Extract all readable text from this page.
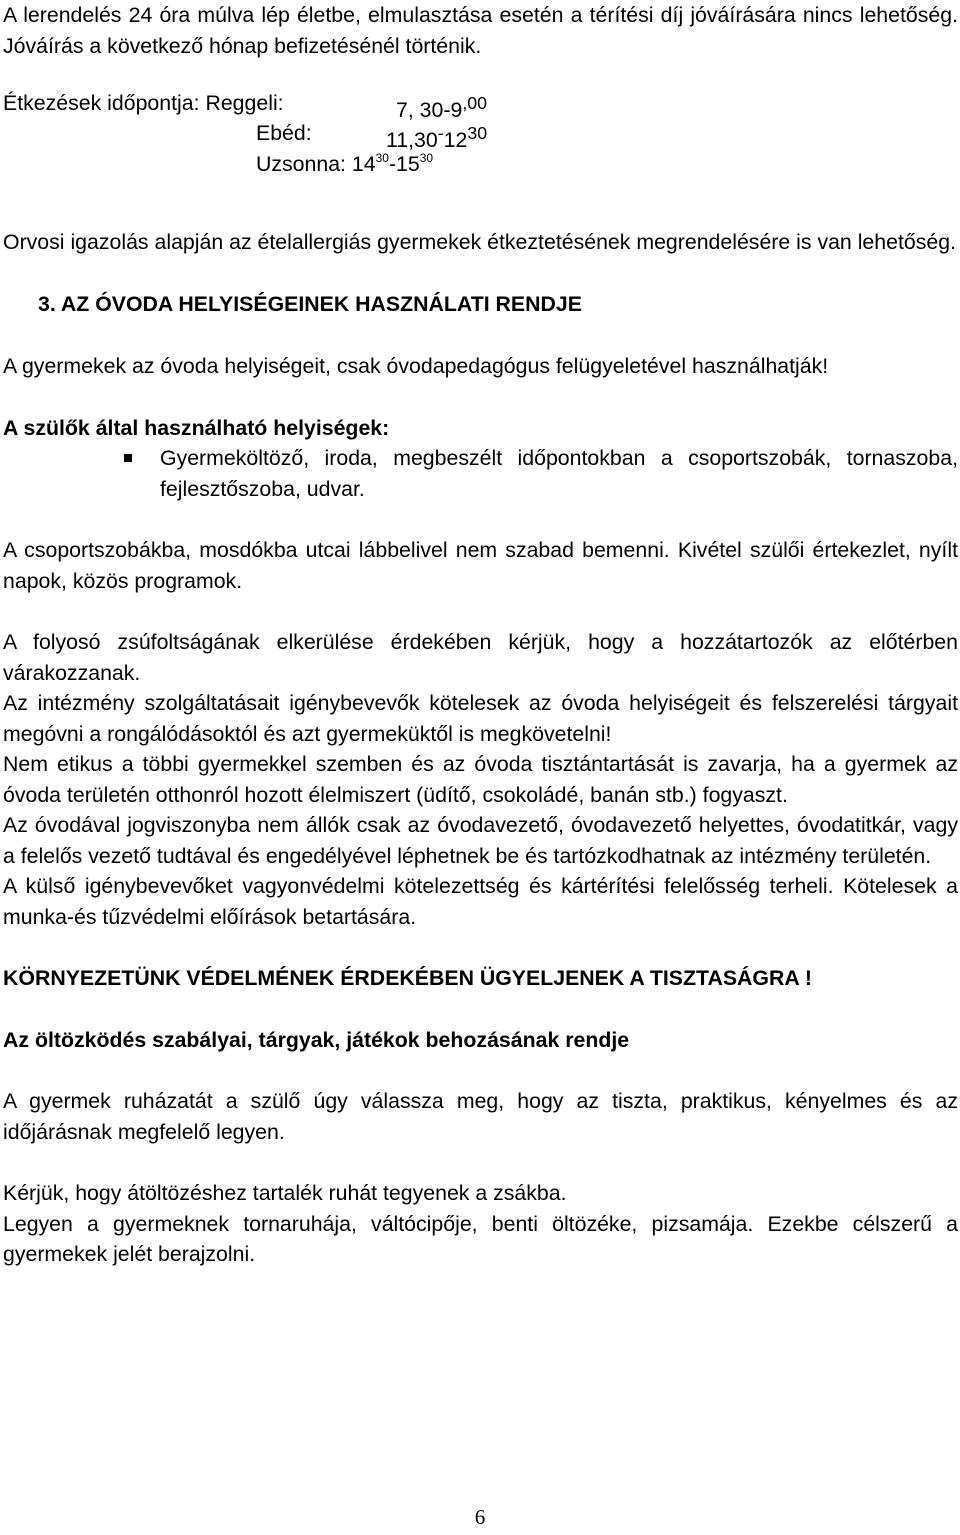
A lerendelés 24 óra múlva lép életbe, elmulasztása esetén a térítési díj jóváírására nincs lehetőség. Jóváírás a következő hónap befizetésénél történik.

Étkezések időpontja: Reggeli:	7, $30-9^{,00}$
Ebéd:	$11,30^-12^{30}$
Uzsonna: $14^{30}-15^{30}$

Orvosi igazolás alapján az ételallergiás gyermekek étkeztetésének megrendelésére is van lehetőség.

3. AZ ÓVODA HELYISÉGEINEK HASZNÁLATI RENDJE

A gyermekek az óvoda helyiségeit, csak óvodapedagógus felügyeletével használhatják!

A szülők által használható helyiségek:

Gyermeköltöző, iroda, megbeszélt időpontokban a csoportszobák, tornaszoba, fejlesztőszoba, udvar.

A csoportszobákba, mosdókba utcai lábbelivel nem szabad bemenni. Kivétel szülői értekezlet, nyílt napok, közös programok.

A folyosó zsúfoltságának elkerülése érdekében kérjük, hogy a hozzátartozók az előtérben várakozzanak.

Az intézmény szolgáltatásait igénybevevők kötelesek az óvoda helyiségeit és felszerelési tárgyait megóvni a rongálódásoktól és azt gyermeküktől is megkövetelni!

Nem etikus a többi gyermekkel szemben és az óvoda tisztántartását is zavarja, ha a gyermek az óvoda területén otthonról hozott élelmiszert (üdítő, csokoládé, banán stb.) fogyaszt.

Az óvodával jogviszonyba nem állók csak az óvodavezető, óvodavezető helyettes, óvodatitkár, vagy a felelős vezető tudtával és engedélyével léphetnek be és tartózkodhatnak az intézmény területén.

A külső igénybevevőket vagyonvédelmi kötelezettség és kártérítési felelősség terheli. Kötelesek a munka-és tűzvédelmi előírások betartására.

KÖRNYEZETÜNK VÉDELMÉNEK ÉRDEKÉBEN ÜGYELJENEK A TISZTASÁGRA !

Az öltözködés szabályai, tárgyak, játékok behozásának rendje

A gyermek ruházatát a szülő úgy válassza meg, hogy az tiszta, praktikus, kényelmes és az időjárásnak megfelelő legyen.

Kérjük, hogy átöltözéshez tartalék ruhát tegyenek a zsákba.

Legyen a gyermeknek tornaruhája, váltócipője, benti öltözéke, pizsamája. Ezekbe célszerű a gyermekek jelét berajzolni.

6
